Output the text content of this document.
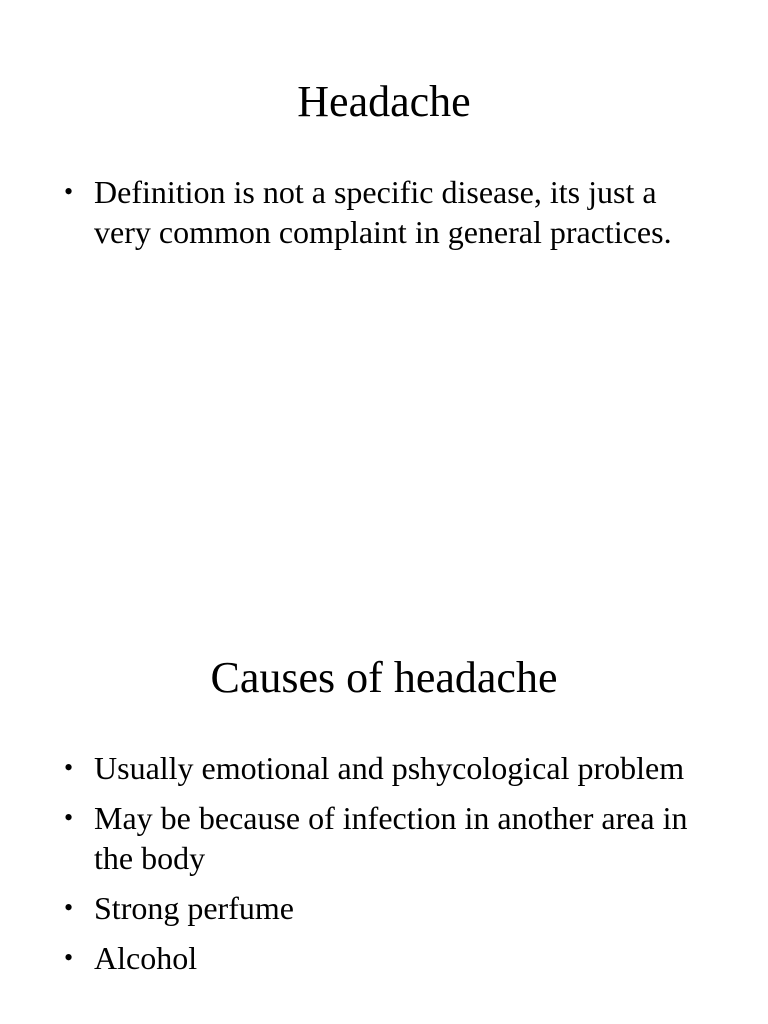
Headache
• Definition is not a specific disease, its just a very common complaint in general practices.
Causes of headache
• Usually emotional and pshycological problem
• May be because of infection in another area in the body
• Strong perfume
• Alcohol
